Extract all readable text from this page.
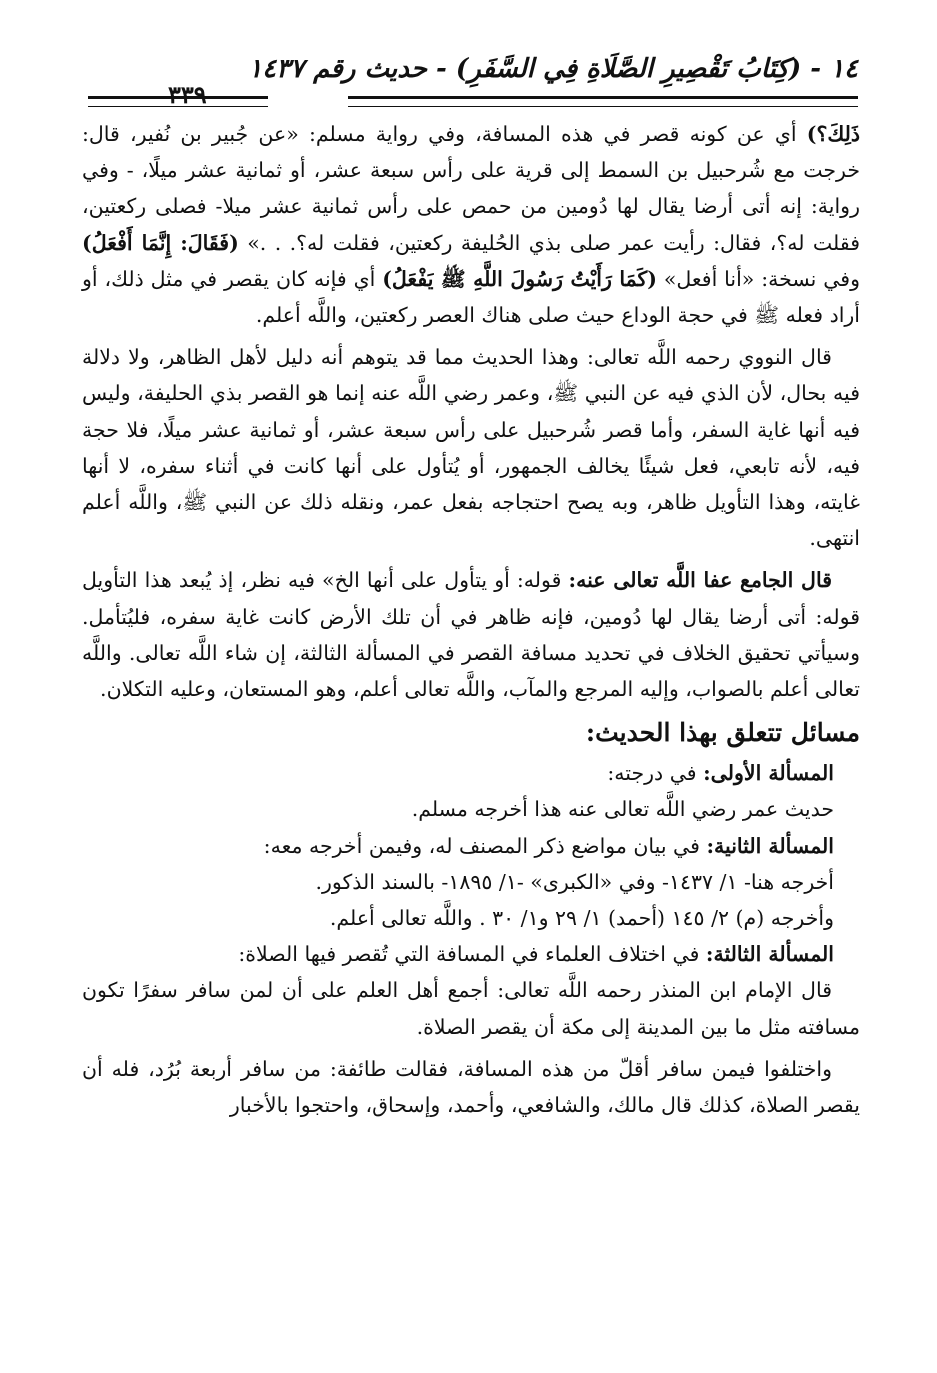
١٤ - (كِتَابُ تَقْصِيرِ الصَّلَاةِ فِي السَّفَرِ) - حديث رقم ١٤٣٧
٣٣٩

ذَلِكَ؟) أي عن كونه قصر في هذه المسافة، وفي رواية مسلم: «عن جُبير بن نُفير، قال: خرجت مع شُرحبيل بن السمط إلى قرية على رأس سبعة عشر، أو ثمانية عشر ميلًا، - وفي رواية: إنه أتى أرضا يقال لها دُومين من حمص على رأس ثمانية عشر ميلا- فصلى ركعتين، فقلت له؟، فقال: رأيت عمر صلى بذي الحُليفة ركعتين، فقلت له؟. . .» (فَقَالَ: إِنَّمَا أَفْعَلُ) وفي نسخة: «أنا أفعل» (كَمَا رَأَيْتُ رَسُولَ اللَّهِ ﷺ يَفْعَلُ) أي فإنه كان يقصر في مثل ذلك، أو أراد فعله ﷺ في حجة الوداع حيث صلى هناك العصر ركعتين، واللَّه أعلم.

قال النووي رحمه اللَّه تعالى: وهذا الحديث مما قد يتوهم أنه دليل لأهل الظاهر، ولا دلالة فيه بحال، لأن الذي فيه عن النبي ﷺ، وعمر رضي اللَّه عنه إنما هو القصر بذي الحليفة، وليس فيه أنها غاية السفر، وأما قصر شُرحبيل على رأس سبعة عشر، أو ثمانية عشر ميلًا، فلا حجة فيه، لأنه تابعي، فعل شيئًا يخالف الجمهور، أو يُتأول على أنها كانت في أثناء سفره، لا أنها غايته، وهذا التأويل ظاهر، وبه يصح احتجاجه بفعل عمر، ونقله ذلك عن النبي ﷺ، واللَّه أعلم انتهى.

قال الجامع عفا اللَّه تعالى عنه: قوله: أو يتأول على أنها الخ» فيه نظر، إذ يُبعد هذا التأويل قوله: أتى أرضا يقال لها دُومين، فإنه ظاهر في أن تلك الأرض كانت غاية سفره، فليُتأمل. وسيأتي تحقيق الخلاف في تحديد مسافة القصر في المسألة الثالثة، إن شاء اللَّه تعالى. واللَّه تعالى أعلم بالصواب، وإليه المرجع والمآب، واللَّه تعالى أعلم، وهو المستعان، وعليه التكلان.

مسائل تتعلق بهذا الحديث:

المسألة الأولى: في درجته:

حديث عمر رضي اللَّه تعالى عنه هذا أخرجه مسلم.

المسألة الثانية: في بيان مواضع ذكر المصنف له، وفيمن أخرجه معه:

أخرجه هنا- ١/ ١٤٣٧- وفي «الكبرى» -١/ ١٨٩٥- بالسند الذكور.

وأخرجه (م) ٢/ ١٤٥ (أحمد) ١/ ٢٩ و١/ ٣٠ . واللَّه تعالى أعلم.

المسألة الثالثة: في اختلاف العلماء في المسافة التي تُقصر فيها الصلاة:

قال الإمام ابن المنذر رحمه اللَّه تعالى: أجمع أهل العلم على أن لمن سافر سفرًا تكون مسافته مثل ما بين المدينة إلى مكة أن يقصر الصلاة.

واختلفوا فيمن سافر أقلّ من هذه المسافة، فقالت طائفة: من سافر أربعة بُرُد، فله أن يقصر الصلاة، كذلك قال مالك، والشافعي، وأحمد، وإسحاق، واحتجوا بالأخبار
